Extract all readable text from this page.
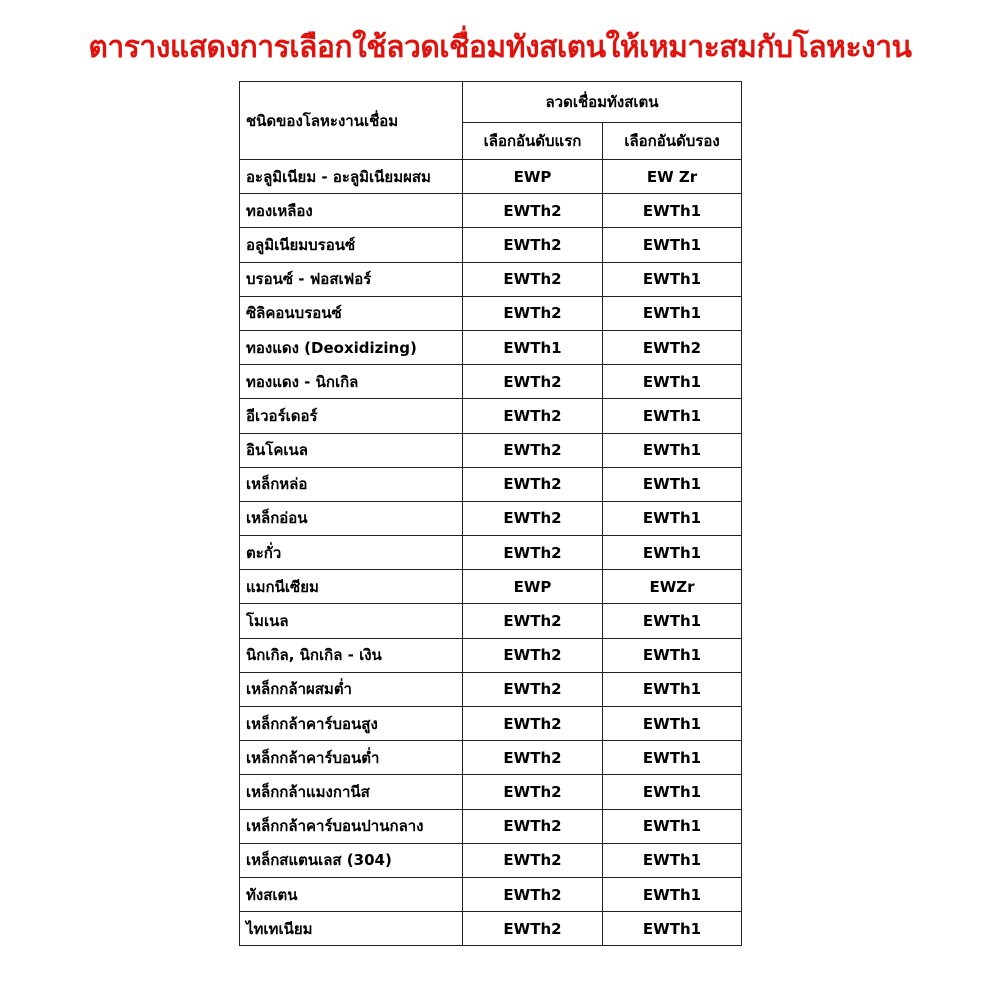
ตารางแสดงการเลือกใช้ลวดเชื่อมทังสเตนให้เหมาะสมกับโลหะงาน
ชนิดของโลหะงานเชื่อม	ลวดเชื่อมทังสเตน	
	เลือกอันดับแรก	เลือกอันดับรอง
อะลูมิเนียม - อะลูมิเนียมผสม	EWP	EW Zr
ทองเหลือง	EWTh2	EWTh1
อลูมิเนียมบรอนซ์	EWTh2	EWTh1
บรอนซ์ - ฟอสเฟอร์	EWTh2	EWTh1
ซิลิคอนบรอนซ์	EWTh2	EWTh1
ทองแดง (Deoxidizing)	EWTh1	EWTh2
ทองแดง - นิกเกิล	EWTh2	EWTh1
อีเวอร์เดอร์	EWTh2	EWTh1
อินโคเนล	EWTh2	EWTh1
เหล็กหล่อ	EWTh2	EWTh1
เหล็กอ่อน	EWTh2	EWTh1
ตะกั่ว	EWTh2	EWTh1
แมกนีเซียม	EWP	EWZr
โมเนล	EWTh2	EWTh1
นิกเกิล, นิกเกิล - เงิน	EWTh2	EWTh1
เหล็กกล้าผสมต่ำ	EWTh2	EWTh1
เหล็กกล้าคาร์บอนสูง	EWTh2	EWTh1
เหล็กกล้าคาร์บอนต่ำ	EWTh2	EWTh1
เหล็กกล้าแมงกานีส	EWTh2	EWTh1
เหล็กกล้าคาร์บอนปานกลาง	EWTh2	EWTh1
เหล็กสแตนเลส (304)	EWTh2	EWTh1
ทังสเตน	EWTh2	EWTh1
ไทเทเนียม	EWTh2	EWTh1
